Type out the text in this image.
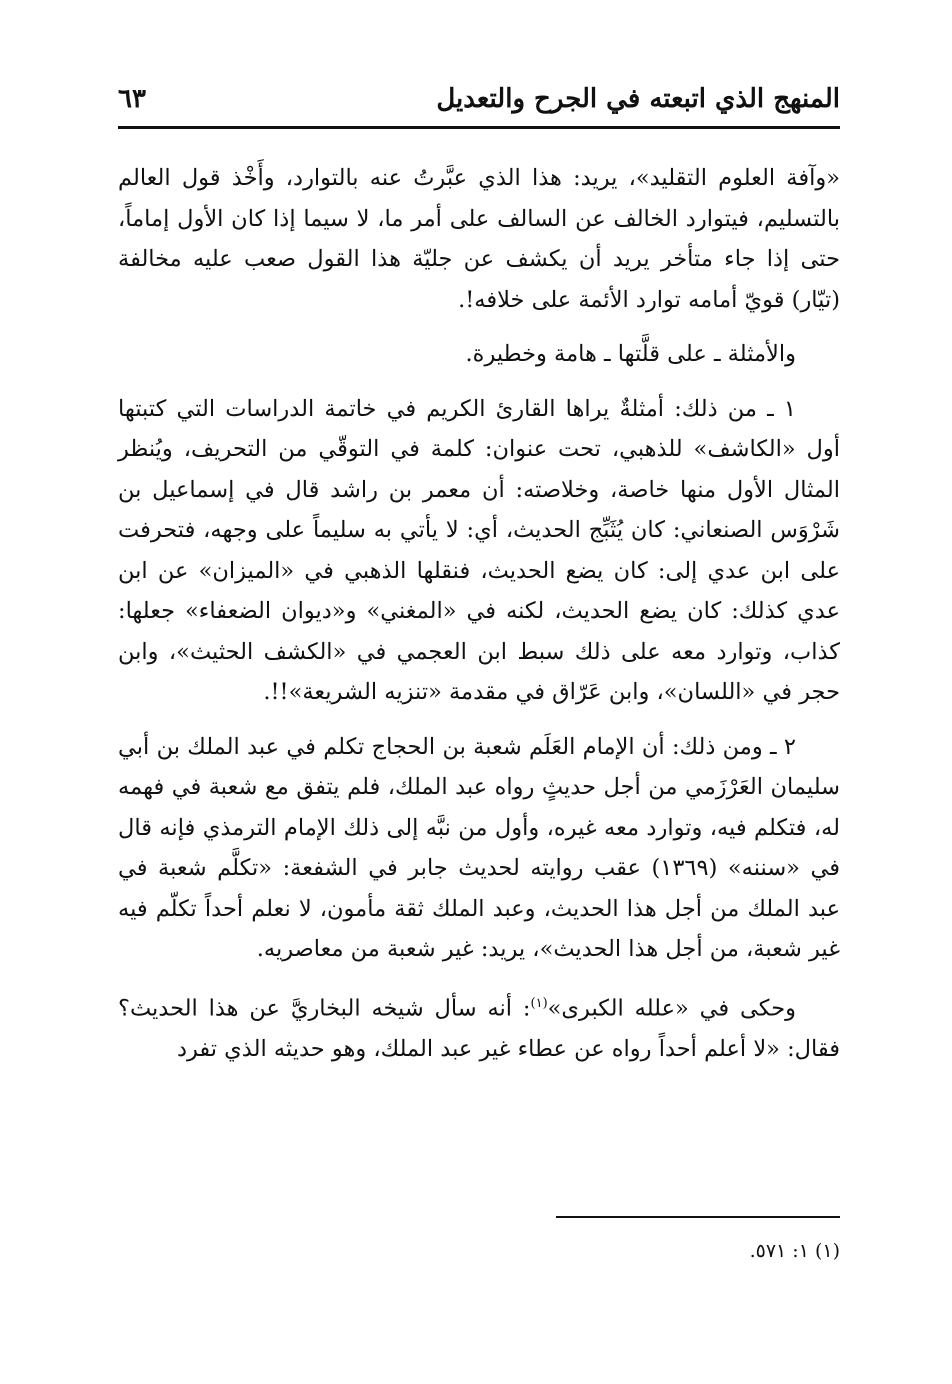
المنهج الذي اتبعته في الجرح والتعديل
٦٣

«وآفة العلوم التقليد»، يريد: هذا الذي عبَّرتُ عنه بالتوارد، وأَخْذ قول العالم بالتسليم، فيتوارد الخالف عن السالف على أمر ما، لا سيما إذا كان الأول إماماً، حتى إذا جاء متأخر يريد أن يكشف عن جليّة هذا القول صعب عليه مخالفة (تيّار) قويّ أمامه توارد الأئمة على خلافه!.

والأمثلة ـ على قلَّتها ـ هامة وخطيرة.

١ ـ من ذلك: أمثلةٌ يراها القارئ الكريم في خاتمة الدراسات التي كتبتها أول «الكاشف» للذهبي، تحت عنوان: كلمة في التوقّي من التحريف، ويُنظر المثال الأول منها خاصة، وخلاصته: أن معمر بن راشد قال في إسماعيل بن شَرْوَس الصنعاني: كان يُثَبِّج الحديث، أي: لا يأتي به سليماً على وجهه، فتحرفت على ابن عدي إلى: كان يضع الحديث، فنقلها الذهبي في «الميزان» عن ابن عدي كذلك: كان يضع الحديث، لكنه في «المغني» و«ديوان الضعفاء» جعلها: كذاب، وتوارد معه على ذلك سبط ابن العجمي في «الكشف الحثيث»، وابن حجر في «اللسان»، وابن عَرّاق في مقدمة «تنزيه الشريعة»!!.

٢ ـ ومن ذلك: أن الإمام العَلَم شعبة بن الحجاج تكلم في عبد الملك بن أبي سليمان العَرْزَمي من أجل حديثٍ رواه عبد الملك، فلم يتفق مع شعبة في فهمه له، فتكلم فيه، وتوارد معه غيره، وأول من نبَّه إلى ذلك الإمام الترمذي فإنه قال في «سننه» (١٣٦٩) عقب روايته لحديث جابر في الشفعة: «تكلَّم شعبة في عبد الملك من أجل هذا الحديث، وعبد الملك ثقة مأمون، لا نعلم أحداً تكلّم فيه غير شعبة، من أجل هذا الحديث»، يريد: غير شعبة من معاصريه.

وحكى في «علله الكبرى»$^{(١)}$: أنه سأل شيخه البخاريَّ عن هذا الحديث؟ فقال: «لا أعلم أحداً رواه عن عطاء غير عبد الملك، وهو حديثه الذي تفرد

(١) ١: ٥٧١.
